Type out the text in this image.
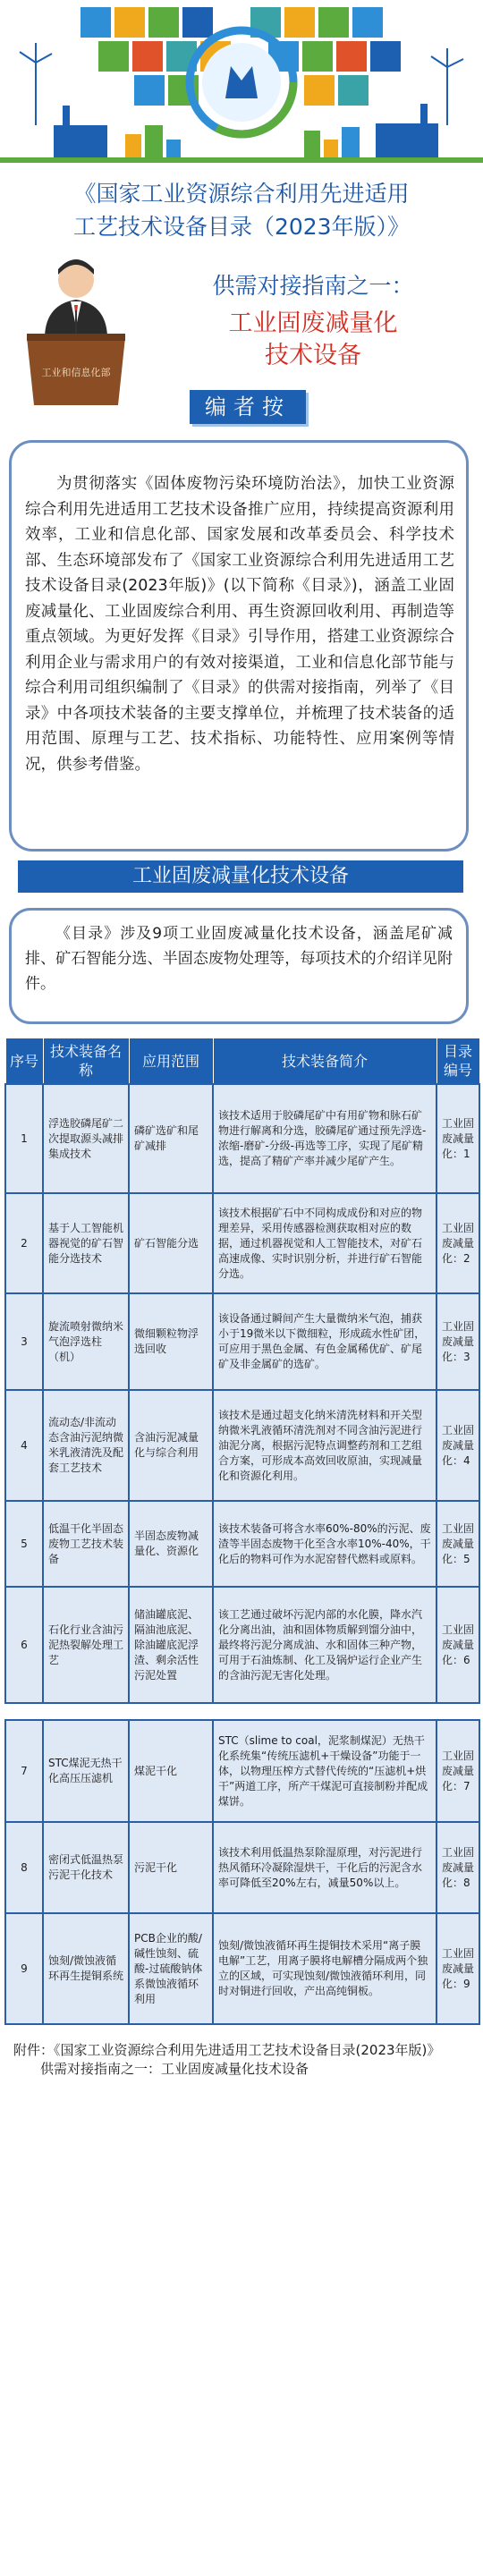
《国家工业资源综合利用先进适用
工艺技术设备目录（2023年版）》
工业和信息化部
供需对接指南之一：
工业固废减量化
技术设备
编者按

为贯彻落实《固体废物污染环境防治法》，加快工业资源综合利用先进适用工艺技术设备推广应用，持续提高资源利用效率，工业和信息化部、国家发展和改革委员会、科学技术部、生态环境部发布了《国家工业资源综合利用先进适用工艺技术设备目录(2023年版)》(以下简称《目录》)，涵盖工业固废减量化、工业固废综合利用、再生资源回收利用、再制造等重点领域。为更好发挥《目录》引导作用，搭建工业资源综合利用企业与需求用户的有效对接渠道，工业和信息化部节能与综合利用司组织编制了《目录》的供需对接指南，列举了《目录》中各项技术装备的主要支撑单位，并梳理了技术装备的适用范围、原理与工艺、技术指标、功能特性、应用案例等情况，供参考借鉴。

工业固废减量化技术设备

《目录》涉及9项工业固废减量化技术设备，涵盖尾矿减排、矿石智能分选、半固态废物处理等，每项技术的介绍详见附件。

序号	技术装备名称	应用范围	技术装备简介	目录编号
1	浮选胶磷尾矿二次提取源头减排集成技术	磷矿选矿和尾矿减排	该技术适用于胶磷尾矿中有用矿物和脉石矿物进行解离和分选，胶磷尾矿通过预先浮选-浓缩-磨矿-分级-再选等工序，实现了尾矿精选，提高了精矿产率并减少尾矿产生。	工业固废减量化：1
2	基于人工智能机器视觉的矿石智能分选技术	矿石智能分选	该技术根据矿石中不同构成成份和对应的物理差异，采用传感器检测获取相对应的数据，通过机器视觉和人工智能技术，对矿石高速成像、实时识别分析，并进行矿石智能分选。	工业固废减量化：2
3	旋流喷射微纳米气泡浮选柱（机）	微细颗粒物浮选回收	该设备通过瞬间产生大量微纳米气泡，捕获小于19微米以下微细粒，形成疏水性矿团，可应用于黑色金属、有色金属稀优矿、矿尾矿及非金属矿的选矿。	工业固废减量化：3
4	流动态/非流动态含油污泥纳微米乳液清洗及配套工艺技术	含油污泥减量化与综合利用	该技术是通过超支化纳米清洗材料和开关型纳微米乳液循环清洗剂对不同含油污泥进行油泥分离，根据污泥特点调整药剂和工艺组合方案，可形成本高效回收原油，实现减量化和资源化利用。	工业固废减量化：4
5	低温干化半固态废物工艺技术装备	半固态废物减量化、资源化	该技术装备可将含水率60%-80%的污泥、废渣等半固态废物干化至含水率10%-40%，干化后的物料可作为水泥窑替代燃料或原料。	工业固废减量化：5
6	石化行业含油污泥热裂解处理工艺	储油罐底泥、隔油池底泥、除油罐底泥浮渣、剩余活性污泥处置	该工艺通过破坏污泥内部的水化膜，降水汽化分离出油，油和固体物质解到馏分油中，最终将污泥分离成油、水和固体三种产物，可用于石油炼制、化工及锅炉运行企业产生的含油污泥无害化处理。	工业固废减量化：6
7	STC煤泥无热干化高压压滤机	煤泥干化	STC（slime to coal，泥浆制煤泥）无热干化系统集“传统压滤机+干燥设备”功能于一体，以物理压榨方式替代传统的“压滤机+烘干”两道工序，所产干煤泥可直接制粉并配成煤饼。	工业固废减量化：7
8	密闭式低温热泵污泥干化技术	污泥干化	该技术利用低温热泵除湿原理，对污泥进行热风循环冷凝除湿烘干，干化后的污泥含水率可降低至20%左右，减量50%以上。	工业固废减量化：8
9	蚀刻/微蚀液循环再生提铜系统	PCB企业的酸/碱性蚀刻、硫酸-过硫酸钠体系微蚀液循环利用	蚀刻/微蚀液循环再生提铜技术采用“离子膜电解”工艺，用离子膜将电解槽分隔成两个独立的区域，可实现蚀刻/微蚀液循环利用，同时对铜进行回收，产出高纯铜板。	工业固废减量化：9

附件：《国家工业资源综合利用先进适用工艺技术设备目录(2023年版)》
供需对接指南之一：工业固废减量化技术设备
